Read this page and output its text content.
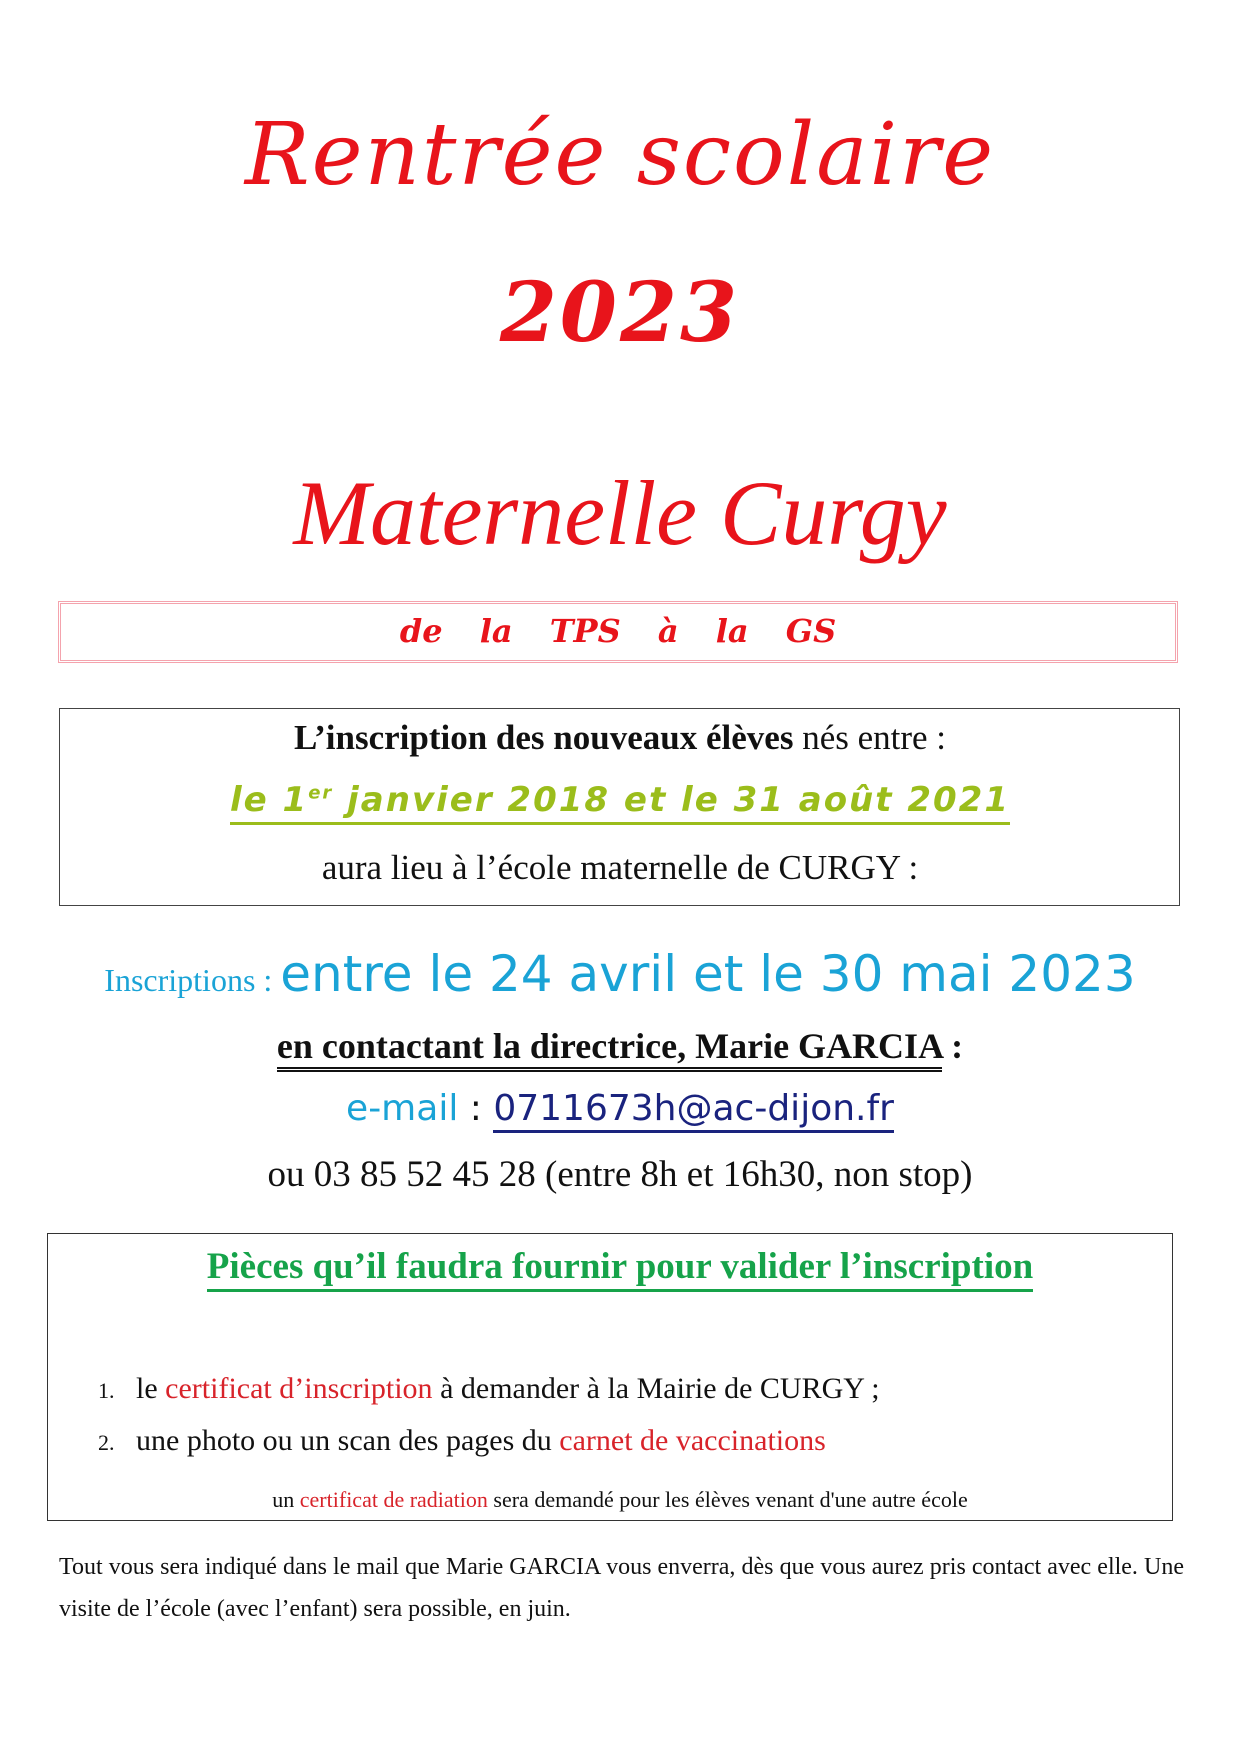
Rentrée scolaire
2023
Maternelle Curgy
de la TPS à la GS
L’inscription des nouveaux élèves nés entre :
le 1er janvier 2018 et le 31 août 2021
aura lieu à l’école maternelle de CURGY :
Inscriptions : entre le 24 avril et le 30 mai 2023
en contactant la directrice, Marie GARCIA :
e-mail : 0711673h@ac-dijon.fr
ou 03 85 52 45 28 (entre 8h et 16h30, non stop)
Pièces qu’il faudra fournir pour valider l’inscription
1. le certificat d’inscription à demander à la Mairie de CURGY ;
2. une photo ou un scan des pages du carnet de vaccinations
un certificat de radiation sera demandé pour les élèves venant d'une autre école
Tout vous sera indiqué dans le mail que Marie GARCIA vous enverra, dès que vous aurez pris contact avec elle. Une visite de l’école (avec l’enfant) sera possible, en juin.
